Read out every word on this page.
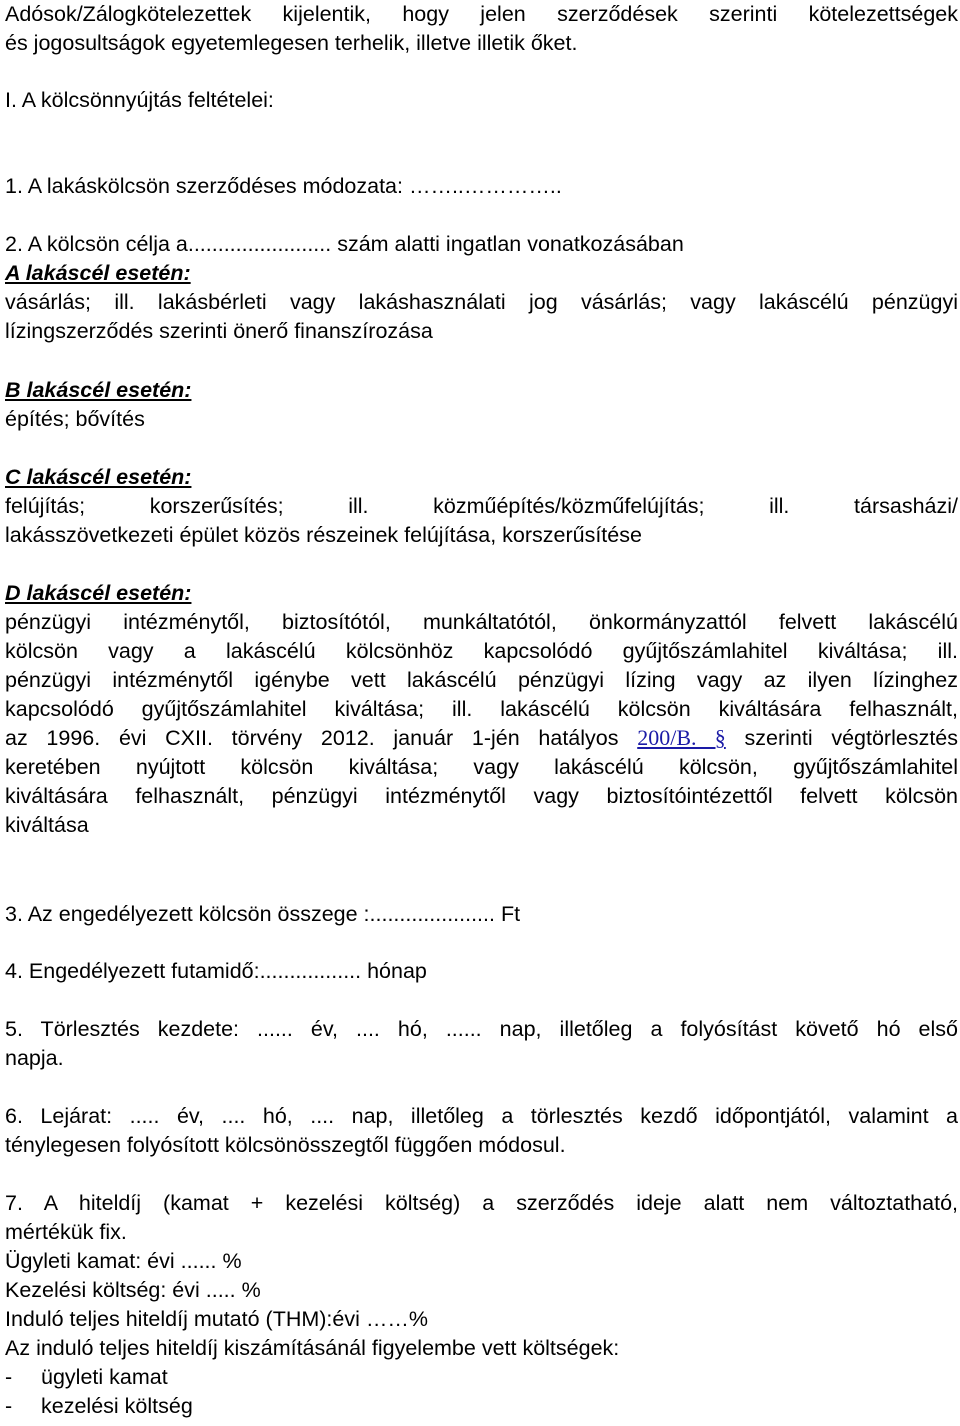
Adósok/Zálogkötelezettek kijelentik, hogy jelen szerződések szerinti kötelezettségek
és jogosultságok egyetemlegesen terhelik, illetve illetik őket.
I. A kölcsönnyújtás feltételei:
1. A lakáskölcsön szerződéses módozata: ……..…………..
2. A kölcsön célja a........................ szám alatti ingatlan vonatkozásában
A lakáscél esetén:
vásárlás; ill. lakásbérleti vagy lakáshasználati jog vásárlás; vagy lakáscélú pénzügyi
lízingszerződés szerinti önerő finanszírozása
B lakáscél esetén:
építés; bővítés
C lakáscél esetén:
felújítás; korszerűsítés; ill. közműépítés/közműfelújítás; ill. társasházi/
lakásszövetkezeti épület közös részeinek felújítása, korszerűsítése
D lakáscél esetén:
pénzügyi intézménytől, biztosítótól, munkáltatótól, önkormányzattól felvett lakáscélú
kölcsön vagy a lakáscélú kölcsönhöz kapcsolódó gyűjtőszámlahitel kiváltása; ill.
pénzügyi intézménytől igénybe vett lakáscélú pénzügyi lízing vagy az ilyen lízinghez
kapcsolódó gyűjtőszámlahitel kiváltása; ill. lakáscélú kölcsön kiváltására felhasznált,
az 1996. évi CXII. törvény 2012. január 1-jén hatályos 200/B. § szerinti végtörlesztés
keretében nyújtott kölcsön kiváltása; vagy lakáscélú kölcsön, gyűjtőszámlahitel
kiváltására felhasznált, pénzügyi intézménytől vagy biztosítóintézettől felvett kölcsön
kiváltása
3. Az engedélyezett kölcsön összege :..................... Ft
4. Engedélyezett futamidő:................. hónap
5. Törlesztés kezdete: ...... év, .... hó, ...... nap, illetőleg a folyósítást követő hó első
napja.
6. Lejárat: ..... év, .... hó, .... nap, illetőleg a törlesztés kezdő időpontjától, valamint a
ténylegesen folyósított kölcsönösszegtől függően módosul.
7. A hiteldíj (kamat + kezelési költség) a szerződés ideje alatt nem változtatható,
mértékük fix.
Ügyleti kamat: évi ...... %
Kezelési költség: évi ..... %
Induló teljes hiteldíj mutató (THM):évi ……%
Az induló teljes hiteldíj kiszámításánál figyelembe vett költségek:
- ügyleti kamat
- kezelési költség
